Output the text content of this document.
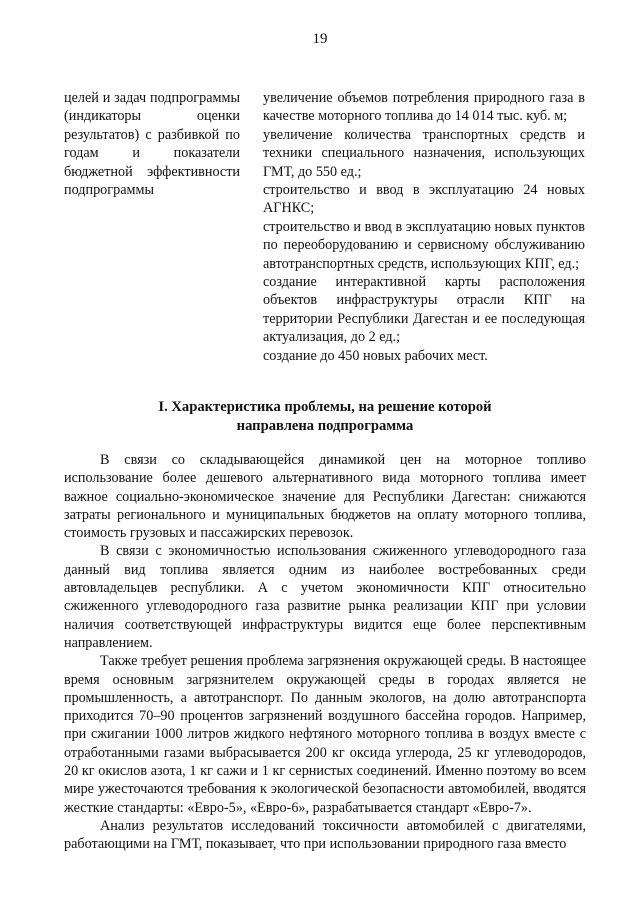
19
целей и задач подпрограммы (индикаторы оценки результатов) с разбивкой по годам и показатели бюджетной эффективности подпрограммы

увеличение объемов потребления природного газа в качестве моторного топлива до 14 014 тыс. куб. м;

увеличение количества транспортных средств и техники специального назначения, использующих ГМТ, до 550 ед.;

строительство и ввод в эксплуатацию 24 новых АГНКС;

строительство и ввод в эксплуатацию новых пунктов по переоборудованию и сервисному обслуживанию автотранспортных средств, использующих КПГ, ед.;

создание интерактивной карты расположения объектов инфраструктуры отрасли КПГ на территории Республики Дагестан и ее последующая актуализация, до 2 ед.;

создание до 450 новых рабочих мест.

I. Характеристика проблемы, на решение которой
направлена подпрограмма

В связи со складывающейся динамикой цен на моторное топливо использование более дешевого альтернативного вида моторного топлива имеет важное социально-экономическое значение для Республики Дагестан: снижаются затраты регионального и муниципальных бюджетов на оплату моторного топлива, стоимость грузовых и пассажирских перевозок.

В связи с экономичностью использования сжиженного углеводородного газа данный вид топлива является одним из наиболее востребованных среди автовладельцев республики. А с учетом экономичности КПГ относительно сжиженного углеводородного газа развитие рынка реализации КПГ при условии наличия соответствующей инфраструктуры видится еще более перспективным направлением.

Также требует решения проблема загрязнения окружающей среды. В настоящее время основным загрязнителем окружающей среды в городах является не промышленность, а автотранспорт. По данным экологов, на долю автотранспорта приходится 70–90 процентов загрязнений воздушного бассейна городов. Например, при сжигании 1000 литров жидкого нефтяного моторного топлива в воздух вместе с отработанными газами выбрасывается 200 кг оксида углерода, 25 кг углеводородов, 20 кг окислов азота, 1 кг сажи и 1 кг сернистых соединений. Именно поэтому во всем мире ужесточаются требования к экологической безопасности автомобилей, вводятся жесткие стандарты: «Евро-5», «Евро-6», разрабатывается стандарт «Евро-7».

Анализ результатов исследований токсичности автомобилей с двигателями, работающими на ГМТ, показывает, что при использовании природного газа вместо
